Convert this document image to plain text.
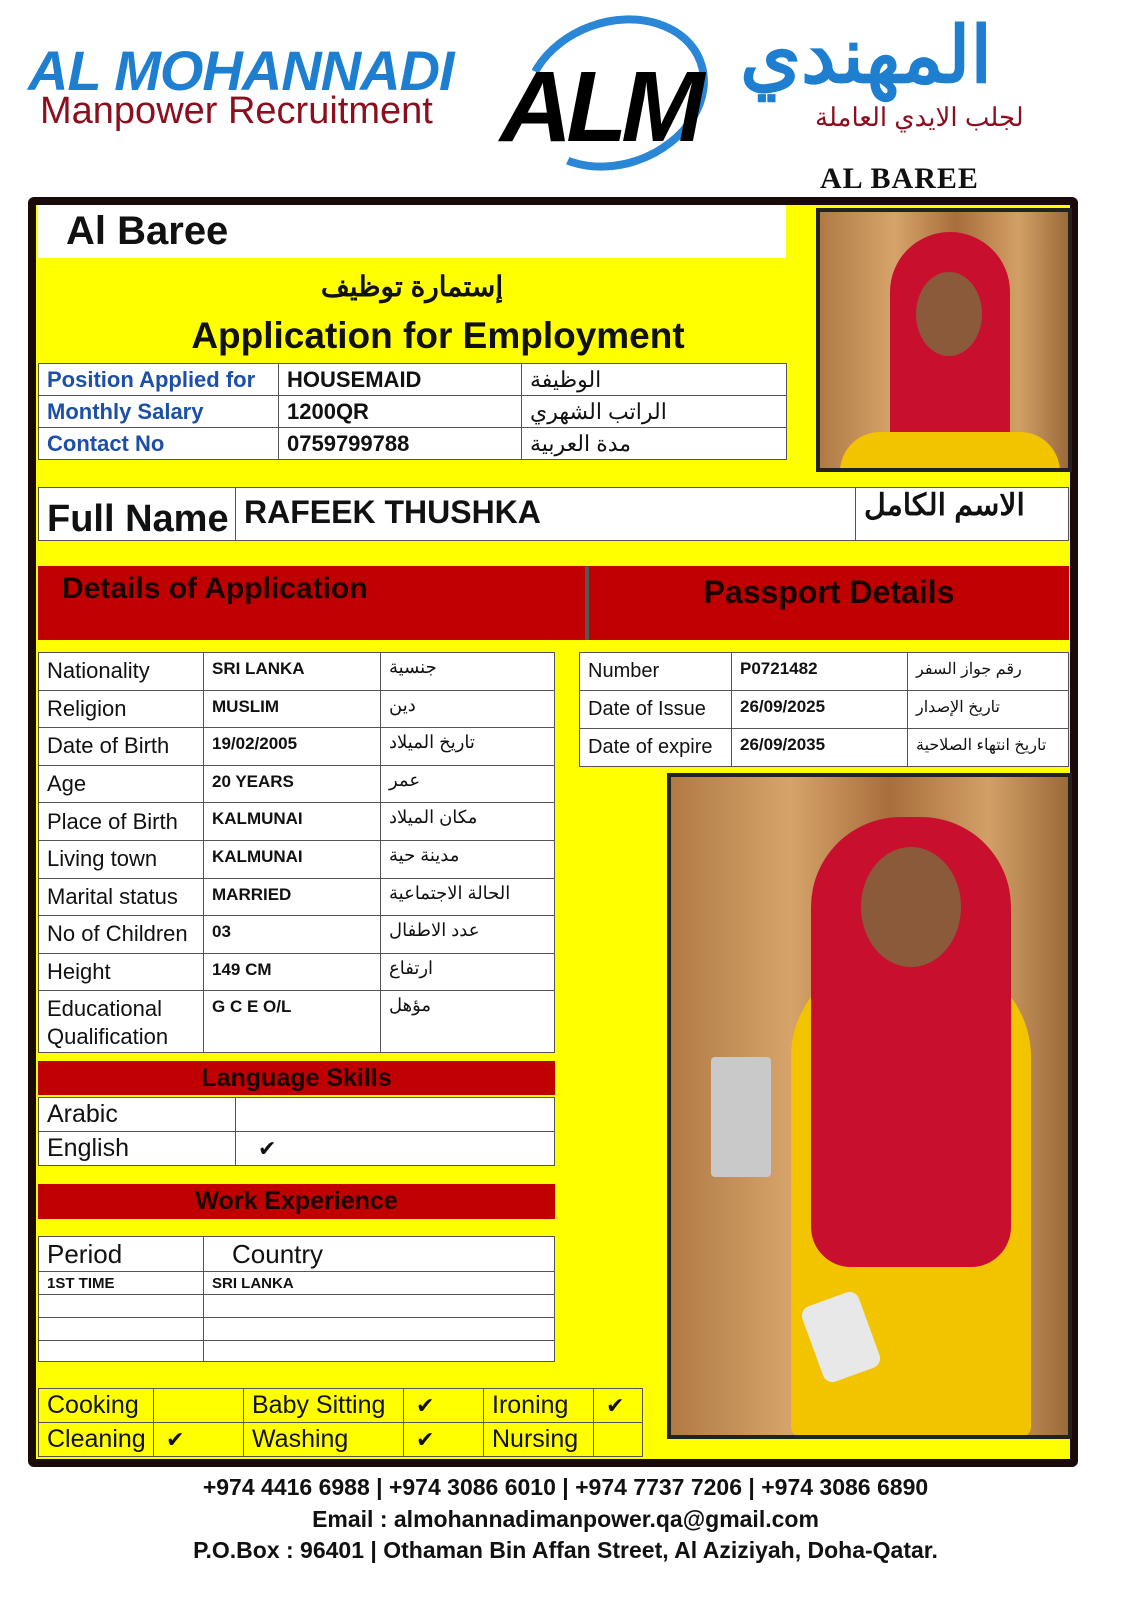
AL MOHANNADI
Manpower Recruitment ALM المهندي
لجلب الايدي العاملة
AL BAREE
Al Baree
إستمارة توظيف
Application for Employment
Position Applied for	HOUSEMAID	الوظيفة
Monthly Salary	1200QR	الراتب الشهري
Contact No	0759799788	مدة العربية
Full Name RAFEEK THUSHKA	الاسم الكامل
Details of Application	Passport Details
Nationality	SRI LANKA	جنسية
Religion	MUSLIM	دين
Date of Birth	19/02/2005	تاريخ الميلاد
Age	20 YEARS	عمر
Place of Birth	KALMUNAI	مكان الميلاد
Living town	KALMUNAI	مدينة حية
Marital status	MARRIED	الحالة الاجتماعية
No of Children	03	عدد الاطفال
Height	149 CM	ارتفاع
Educational Qualification
G C E O/L	مؤهل
Number	P0721482	رقم جواز السفر
Date of Issue	26/09/2025	تاريخ الإصدار
Date of expire	26/09/2035	تاريخ انتهاء الصلاحية
Language Skills
Arabic
English	✔
Work Experience
Period	Country
1ST TIME	SRI LANKA
Cooking	Baby Sitting	✔	Ironing	✔
Cleaning ✔	Washing	✔	Nursing
+974 4416 6988 | +974 3086 6010 | +974 7737 7206 | +974 3086 6890
Email : almohannadimanpower.qa@gmail.com
P.O.Box : 96401 | Othaman Bin Affan Street, Al Aziziyah, Doha-Qatar.
